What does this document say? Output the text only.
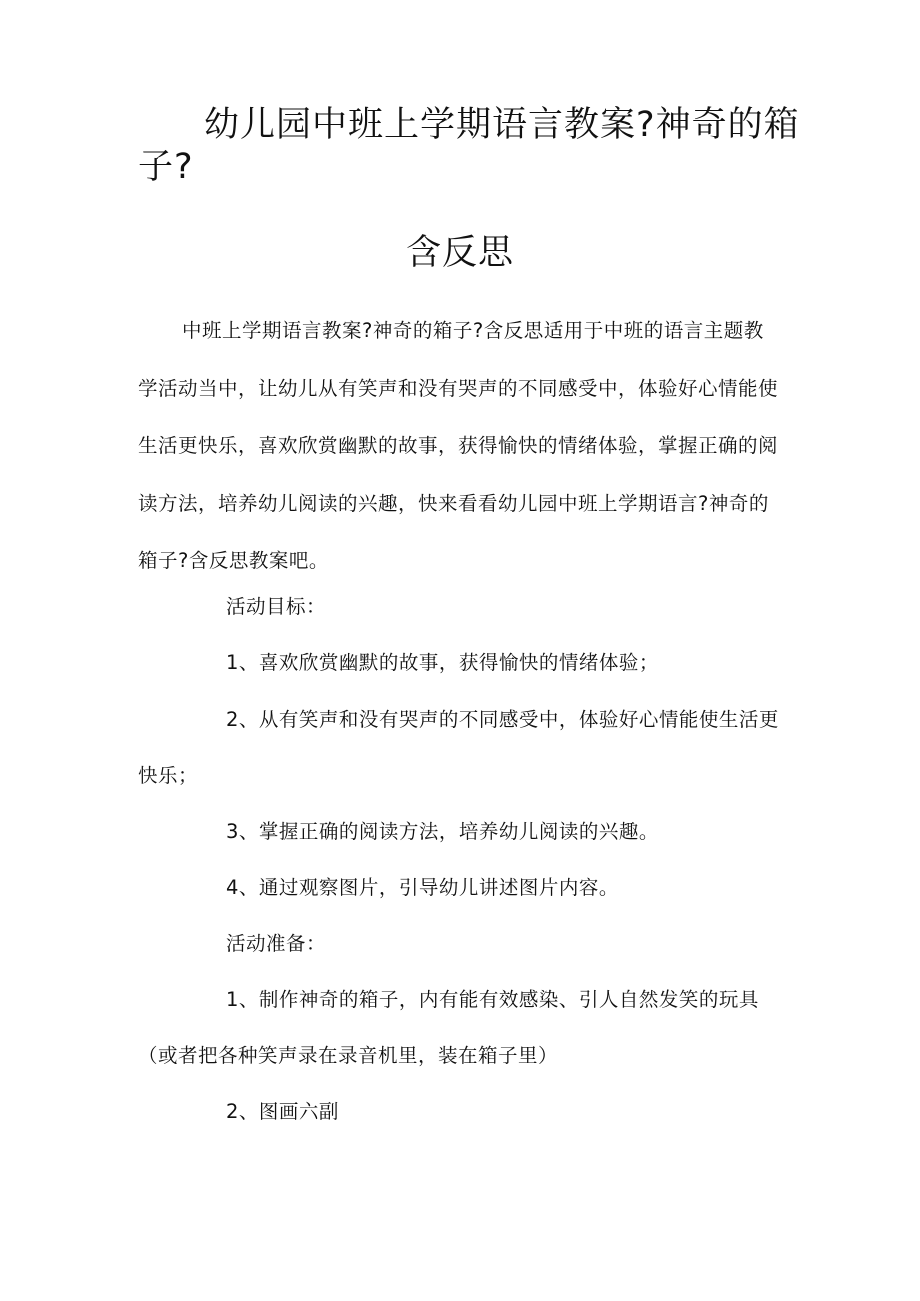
幼儿园中班上学期语言教案?神奇的箱
子?
含反思
中班上学期语言教案?神奇的箱子?含反思适用于中班的语言主题教学活动当中，让幼儿从有笑声和没有哭声的不同感受中，体验好心情能使生活更快乐，喜欢欣赏幽默的故事，获得愉快的情绪体验，掌握正确的阅读方法，培养幼儿阅读的兴趣，快来看看幼儿园中班上学期语言?神奇的箱子?含反思教案吧。
活动目标：
1、喜欢欣赏幽默的故事，获得愉快的情绪体验；
2、从有笑声和没有哭声的不同感受中，体验好心情能使生活更
快乐；
3、掌握正确的阅读方法，培养幼儿阅读的兴趣。
4、通过观察图片，引导幼儿讲述图片内容。
活动准备：
1、制作神奇的箱子，内有能有效感染、引人自然发笑的玩具
（或者把各种笑声录在录音机里，装在箱子里）
2、图画六副
